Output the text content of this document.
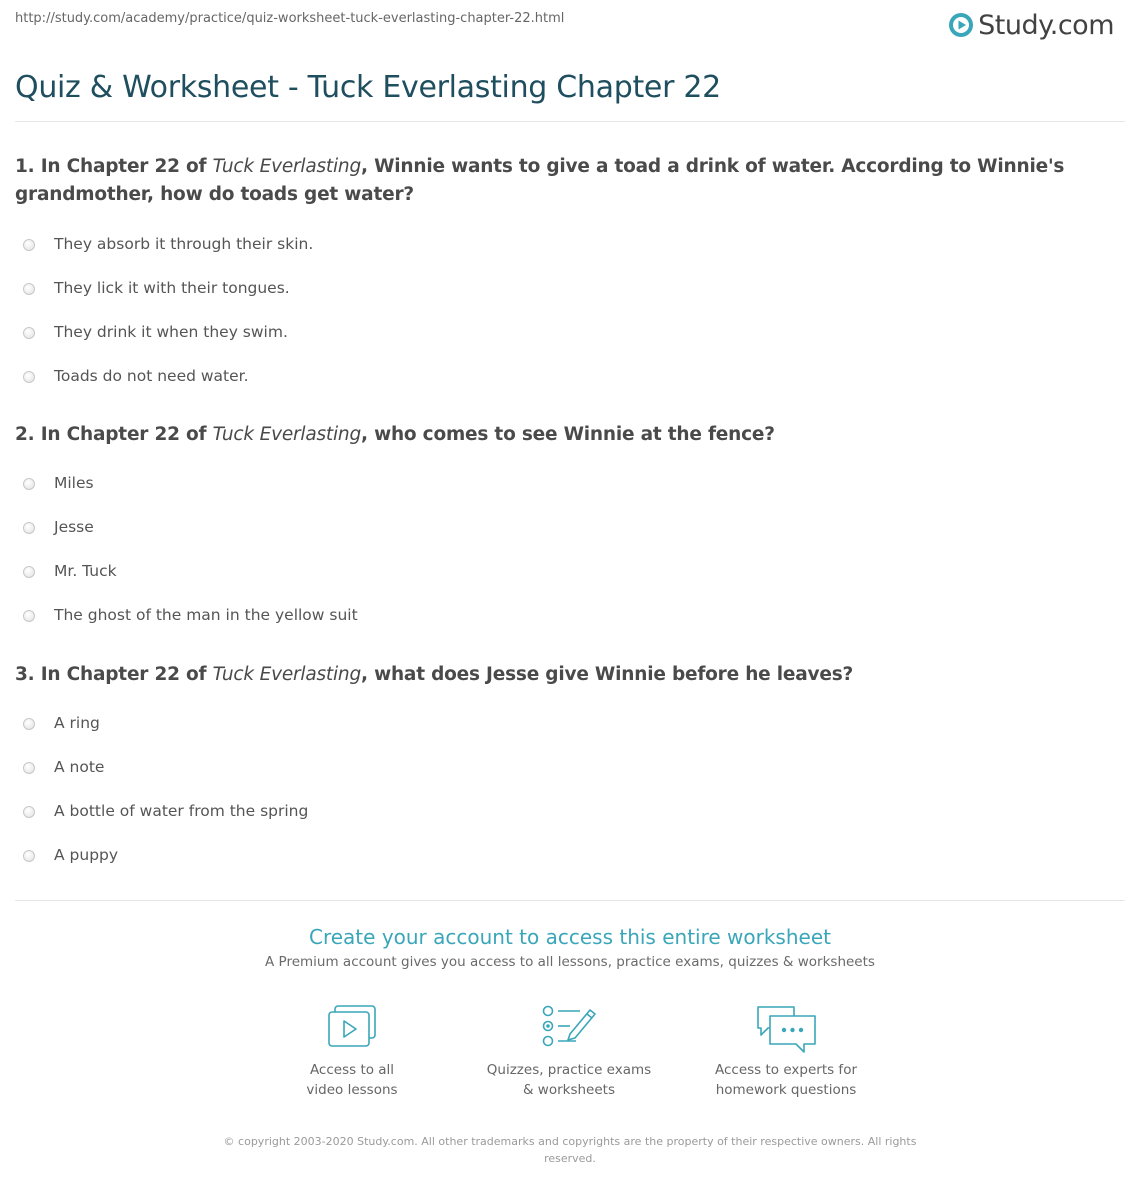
http://study.com/academy/practice/quiz-worksheet-tuck-everlasting-chapter-22.html	Study.com
Quiz & Worksheet - Tuck Everlasting Chapter 22
1. In Chapter 22 of Tuck Everlasting, Winnie wants to give a toad a drink of water. According to Winnie's grandmother, how do toads get water?
They absorb it through their skin.
They lick it with their tongues.
They drink it when they swim.
Toads do not need water.
2. In Chapter 22 of Tuck Everlasting, who comes to see Winnie at the fence?
Miles
Jesse
Mr. Tuck
The ghost of the man in the yellow suit
3. In Chapter 22 of Tuck Everlasting, what does Jesse give Winnie before he leaves?
A ring
A note
A bottle of water from the spring
A puppy
Create your account to access this entire worksheet
A Premium account gives you access to all lessons, practice exams, quizzes & worksheets
Access to all
video lessons
Quizzes, practice exams
& worksheets
Access to experts for
homework questions
© copyright 2003-2020 Study.com. All other trademarks and copyrights are the property of their respective owners. All rights
reserved.
